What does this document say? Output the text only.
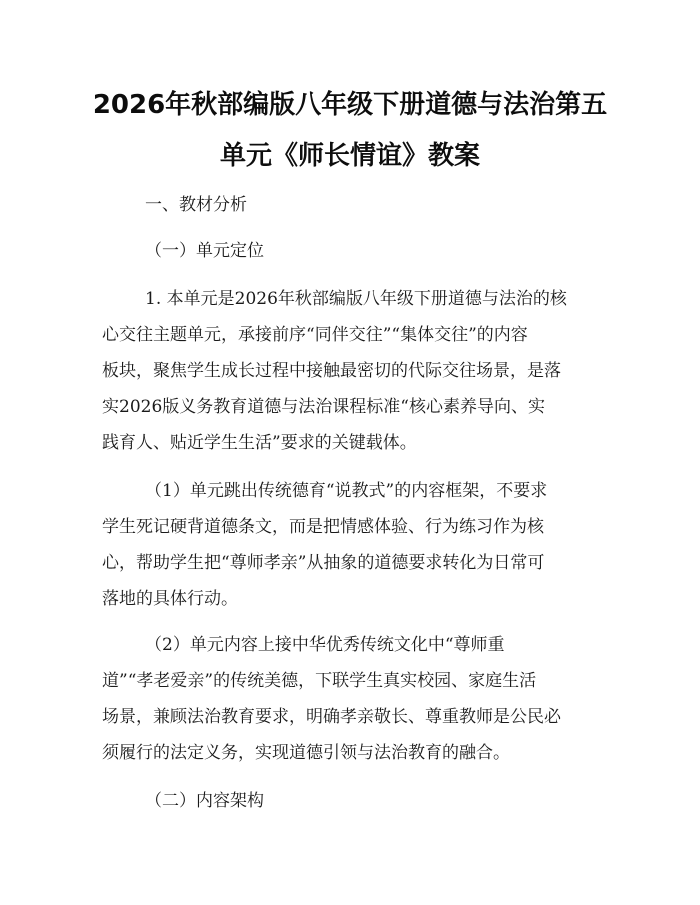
2026年秋部编版八年级下册道德与法治第五
单元《师长情谊》教案
一、教材分析
（一）单元定位
1. 本单元是2026年秋部编版八年级下册道德与法治的核
心交往主题单元，承接前序“同伴交往”“集体交往”的内容
板块，聚焦学生成长过程中接触最密切的代际交往场景，是落
实2026版义务教育道德与法治课程标准“核心素养导向、实
践育人、贴近学生生活”要求的关键载体。
（1）单元跳出传统德育“说教式”的内容框架，不要求
学生死记硬背道德条文，而是把情感体验、行为练习作为核
心，帮助学生把“尊师孝亲”从抽象的道德要求转化为日常可
落地的具体行动。
（2）单元内容上接中华优秀传统文化中“尊师重
道”“孝老爱亲”的传统美德，下联学生真实校园、家庭生活
场景，兼顾法治教育要求，明确孝亲敬长、尊重教师是公民必
须履行的法定义务，实现道德引领与法治教育的融合。
（二）内容架构
